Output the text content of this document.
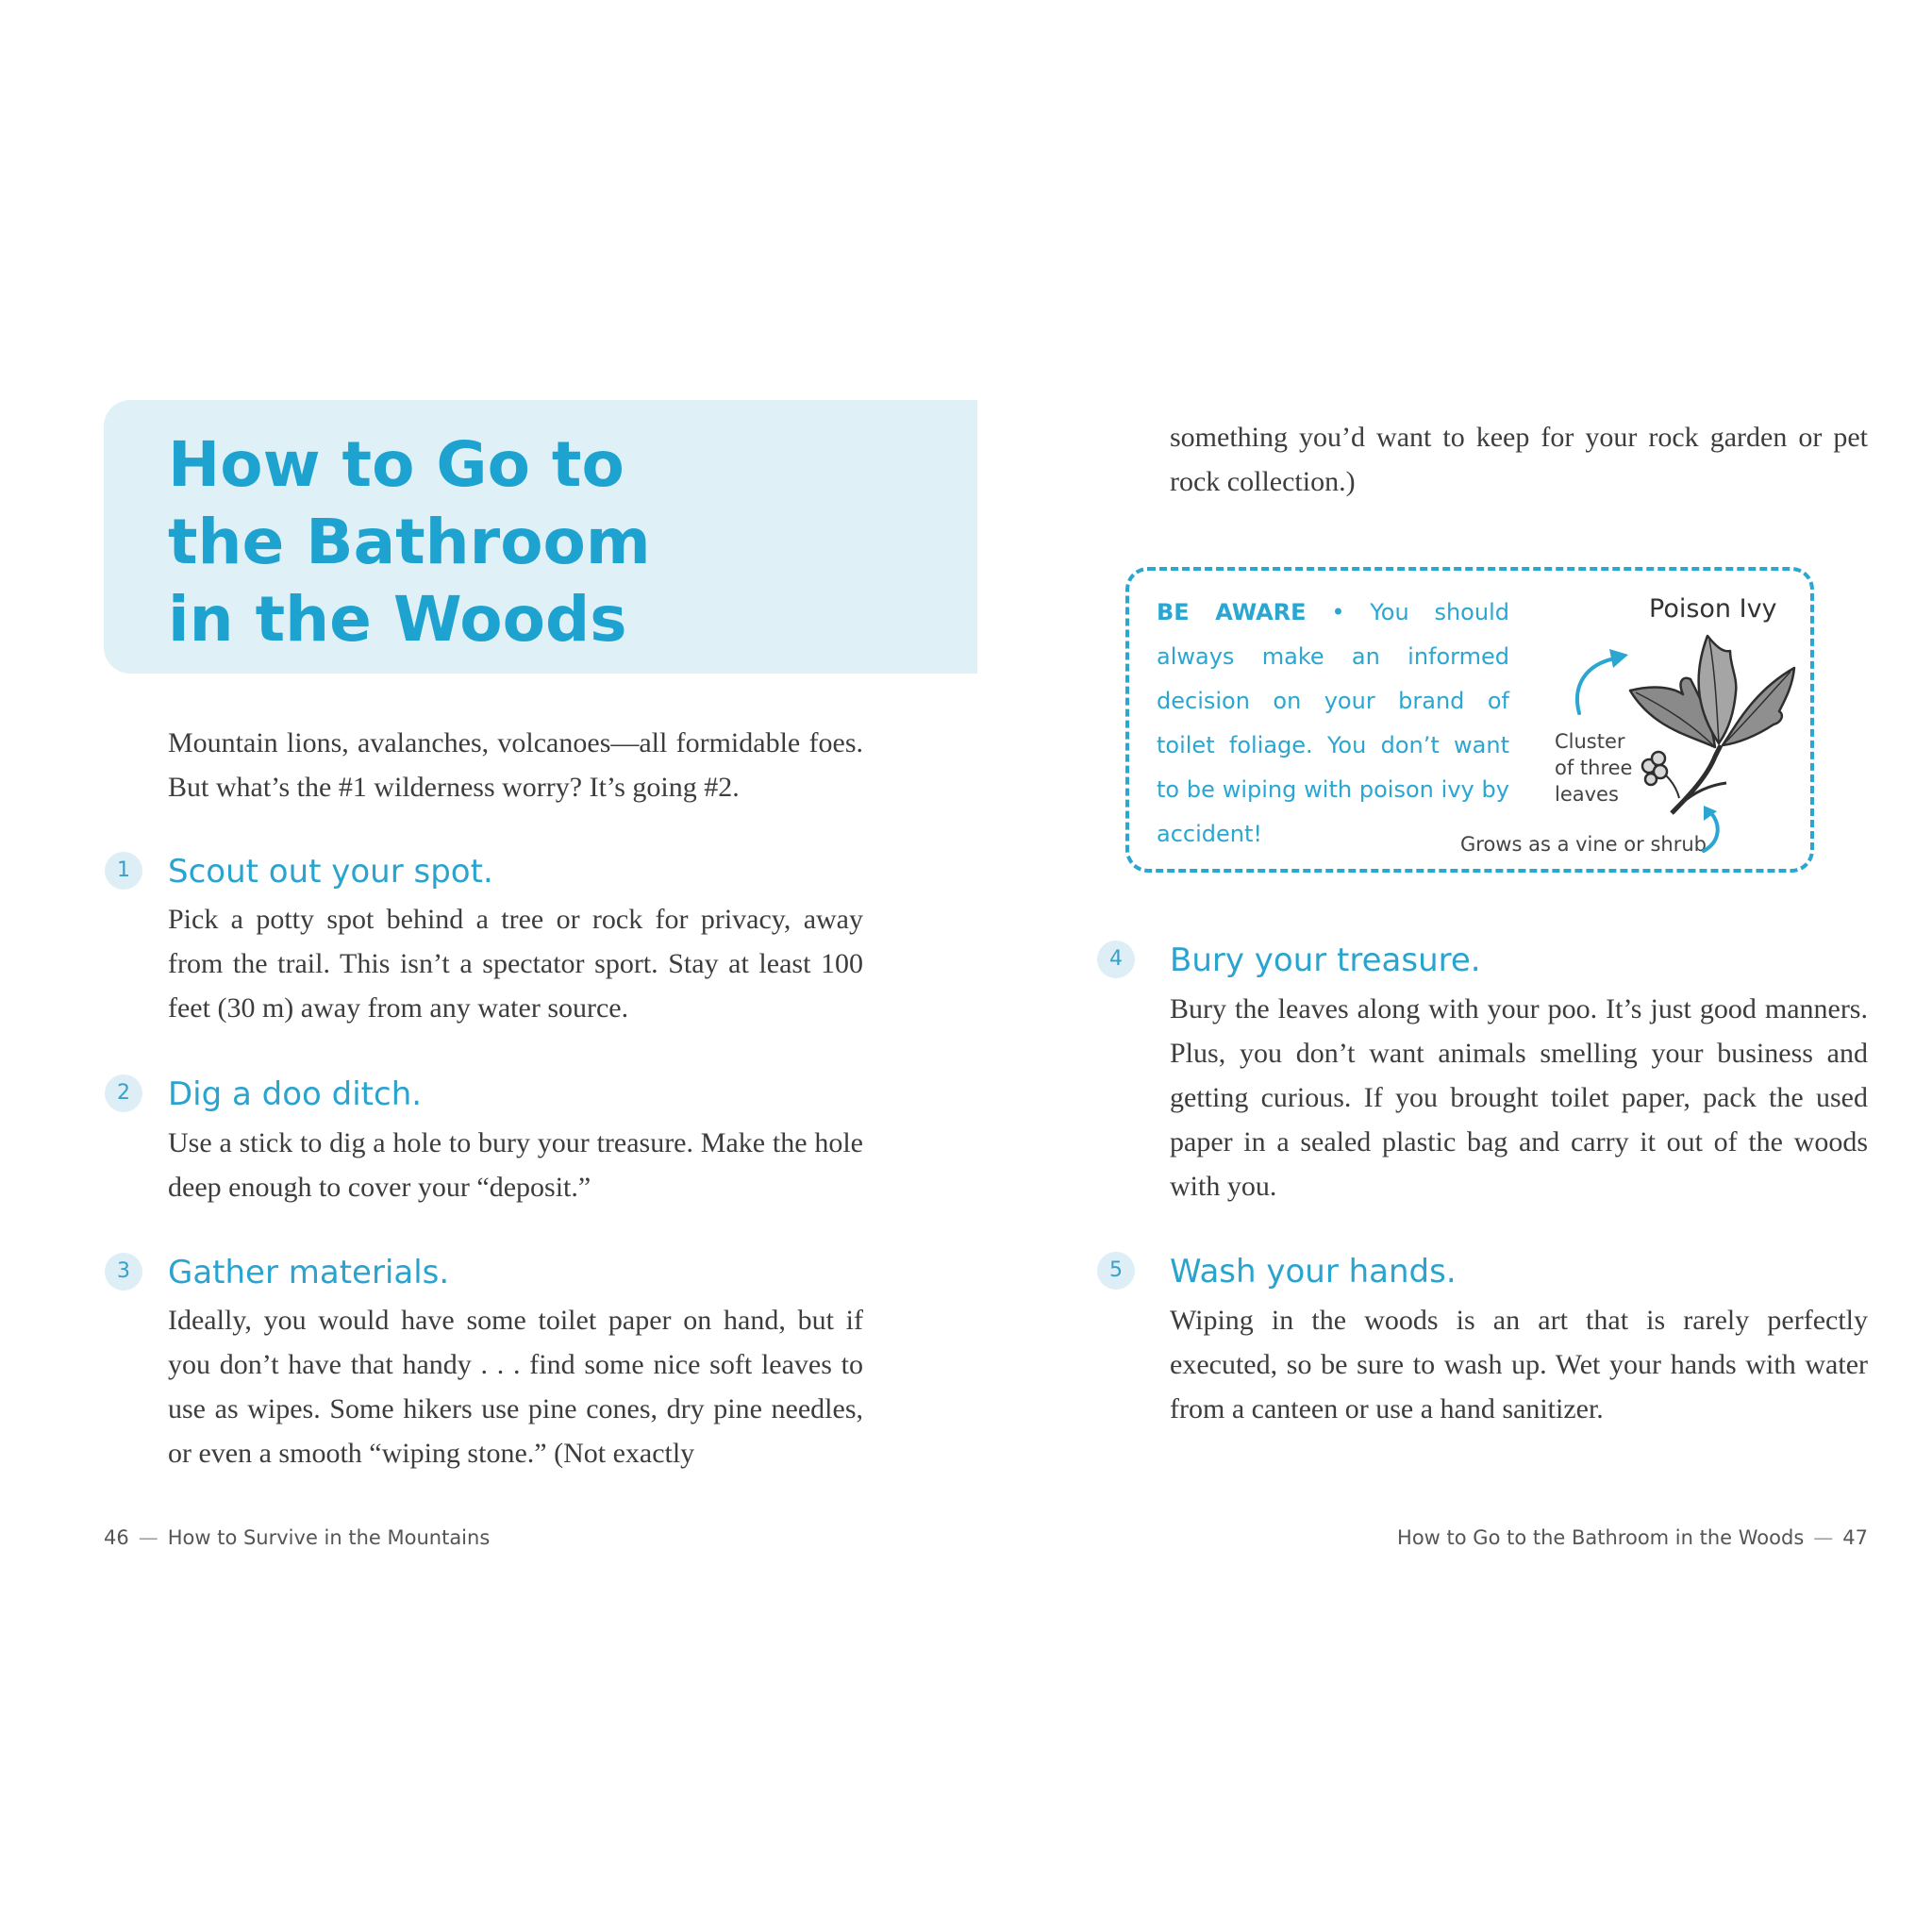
How to Go to
the Bathroom
in the Woods
Mountain lions, avalanches, volcanoes—all formidable foes. But what’s the #1 wilderness worry? It’s going #2.
1	Scout out your spot.
Pick a potty spot behind a tree or rock for privacy, away from the trail. This isn’t a spectator sport. Stay at least 100 feet (30 m) away from any water source.
2	Dig a doo ditch.
Use a stick to dig a hole to bury your treasure. Make the hole deep enough to cover your “deposit.”
3	Gather materials.
Ideally, you would have some toilet paper on hand, but if you don’t have that handy . . . find some nice soft leaves to use as wipes. Some hikers use pine cones, dry pine needles, or even a smooth “wiping stone.” (Not exactly
46 — How to Survive in the Mountains
something you’d want to keep for your rock garden or pet rock collection.)
BE AWARE • You should always make an informed decision on your brand of toilet foliage. You don’t want to be wiping with poison ivy by accident!
Poison Ivy
Cluster
of three
leaves
Grows as a vine or shrub
4	Bury your treasure.
Bury the leaves along with your poo. It’s just good manners. Plus, you don’t want animals smelling your business and getting curious. If you brought toilet paper, pack the used paper in a sealed plastic bag and carry it out of the woods with you.
5	Wash your hands.
Wiping in the woods is an art that is rarely perfectly executed, so be sure to wash up. Wet your hands with water from a canteen or use a hand sanitizer.
How to Go to the Bathroom in the Woods — 47
